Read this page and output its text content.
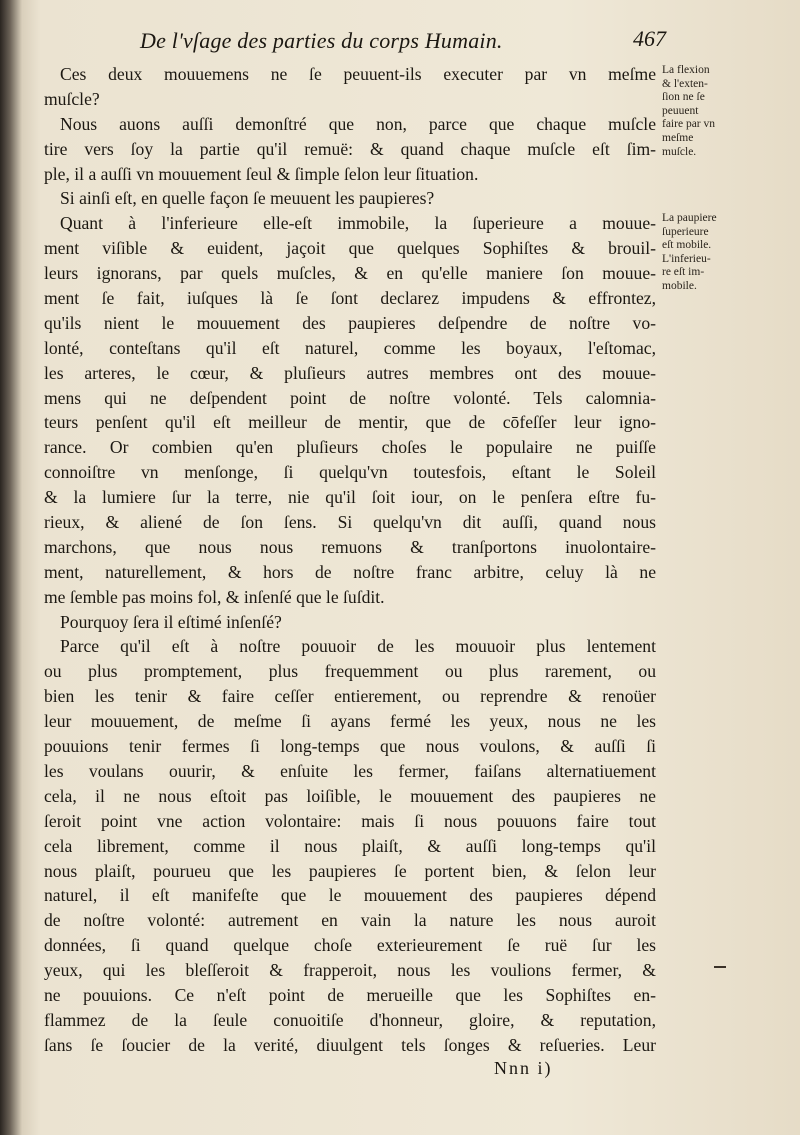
De l'vſage des parties du corps Humain.	467
Ces deux mouuemens ne ſe peuuent-ils executer par vn meſme
muſcle?
Nous auons auſſi demonſtré que non, parce que chaque muſcle
tire vers ſoy la partie qu'il remuë: & quand chaque muſcle eſt ſim-
ple, il a auſſi vn mouuement ſeul & ſimple ſelon leur ſituation.
Si ainſi eſt, en quelle façon ſe meuuent les paupieres?
Quant à l'inferieure elle-eſt immobile, la ſuperieure a mouue-
ment viſible & euident, jaçoit que quelques Sophiſtes & brouil-
leurs ignorans, par quels muſcles, & en qu'elle maniere ſon mouue-
ment ſe fait, iuſques là ſe ſont declarez impudens & effrontez,
qu'ils nient le mouuement des paupieres deſpendre de noſtre vo-
lonté, conteſtans qu'il eſt naturel, comme les boyaux, l'eſtomac,
les arteres, le cœur, & pluſieurs autres membres ont des mouue-
mens qui ne deſpendent point de noſtre volonté. Tels calomnia-
teurs penſent qu'il eſt meilleur de mentir, que de cōfeſſer leur igno-
rance. Or combien qu'en pluſieurs choſes le populaire ne puiſſe
connoiſtre vn menſonge, ſi quelqu'vn toutesfois, eſtant le Soleil
& la lumiere ſur la terre, nie qu'il ſoit iour, on le penſera eſtre fu-
rieux, & aliené de ſon ſens. Si quelqu'vn dit auſſi, quand nous
marchons, que nous nous remuons & tranſportons inuolontaire-
ment, naturellement, & hors de noſtre franc arbitre, celuy là ne
me ſemble pas moins fol, & inſenſé que le ſuſdit.
Pourquoy ſera il eſtimé inſenſé?
Parce qu'il eſt à noſtre pouuoir de les mouuoir plus lentement
ou plus promptement, plus frequemment ou plus rarement, ou
bien les tenir & faire ceſſer entierement, ou reprendre & renoüer
leur mouuement, de meſme ſi ayans fermé les yeux, nous ne les
pouuions tenir fermes ſi long-temps que nous voulons, & auſſi ſi
les voulans ouurir, & enſuite les fermer, faiſans alternatiuement
cela, il ne nous eſtoit pas loiſible, le mouuement des paupieres ne
ſeroit point vne action volontaire: mais ſi nous pouuons faire tout
cela librement, comme il nous plaiſt, & auſſi long-temps qu'il
nous plaiſt, pourueu que les paupieres ſe portent bien, & ſelon leur
naturel, il eſt manifeſte que le mouuement des paupieres dépend
de noſtre volonté: autrement en vain la nature les nous auroit
données, ſi quand quelque choſe exterieurement ſe ruë ſur les
yeux, qui les bleſſeroit & frapperoit, nous les voulions fermer, &
ne pouuions. Ce n'eſt point de merueille que les Sophiſtes en-
flammez de la ſeule conuoitiſe d'honneur, gloire, & reputation,
ſans ſe ſoucier de la verité, diuulgent tels ſonges & reſueries. Leur
La flexion
& l'exten-
ſion ne ſe
peuuent
faire par vn
meſme
muſcle.
La paupiere
ſuperieure
eſt mobile.
L'inferieu-
re eſt im-
mobile.
Nnn i)
